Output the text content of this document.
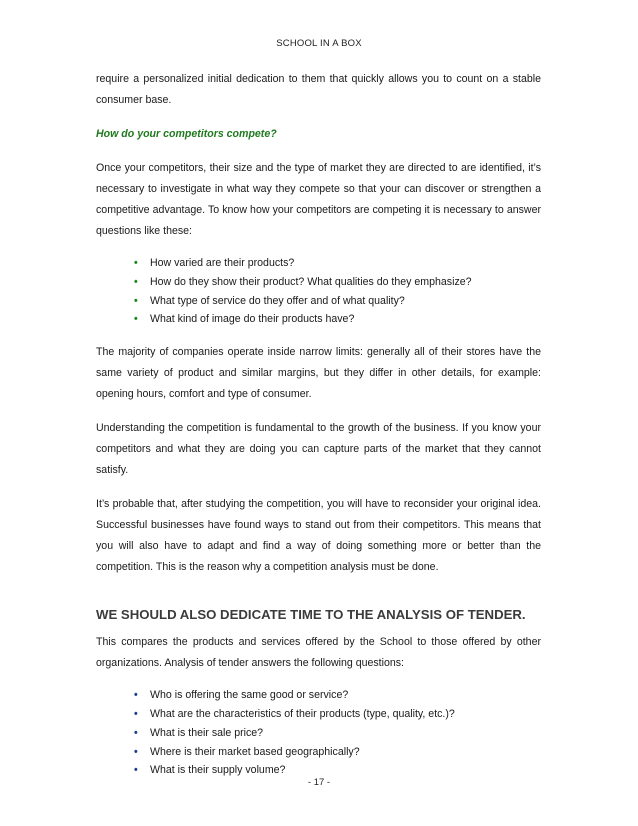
SCHOOL IN A BOX

require a personalized initial dedication to them that quickly allows you to count on a stable consumer base.

How do your competitors compete?

Once your competitors, their size and the type of market they are directed to are identified, it’s necessary to investigate in what way they compete so that your can discover or strengthen a competitive advantage. To know how your competitors are competing it is necessary to answer questions like these:

• How varied are their products?
• How do they show their product? What qualities do they emphasize?
• What type of service do they offer and of what quality?
• What kind of image do their products have?

The majority of companies operate inside narrow limits: generally all of their stores have the same variety of product and similar margins, but they differ in other details, for example: opening hours, comfort and type of consumer.

Understanding the competition is fundamental to the growth of the business. If you know your competitors and what they are doing you can capture parts of the market that they cannot satisfy.

It’s probable that, after studying the competition, you will have to reconsider your original idea. Successful businesses have found ways to stand out from their competitors. This means that you will also have to adapt and find a way of doing something more or better than the competition. This is the reason why a competition analysis must be done.

WE SHOULD ALSO DEDICATE TIME TO THE ANALYSIS OF TENDER.

This compares the products and services offered by the School to those offered by other organizations. Analysis of tender answers the following questions:

• Who is offering the same good or service?
• What are the characteristics of their products (type, quality, etc.)?
• What is their sale price?
• Where is their market based geographically?
• What is their supply volume?
- 17 -
